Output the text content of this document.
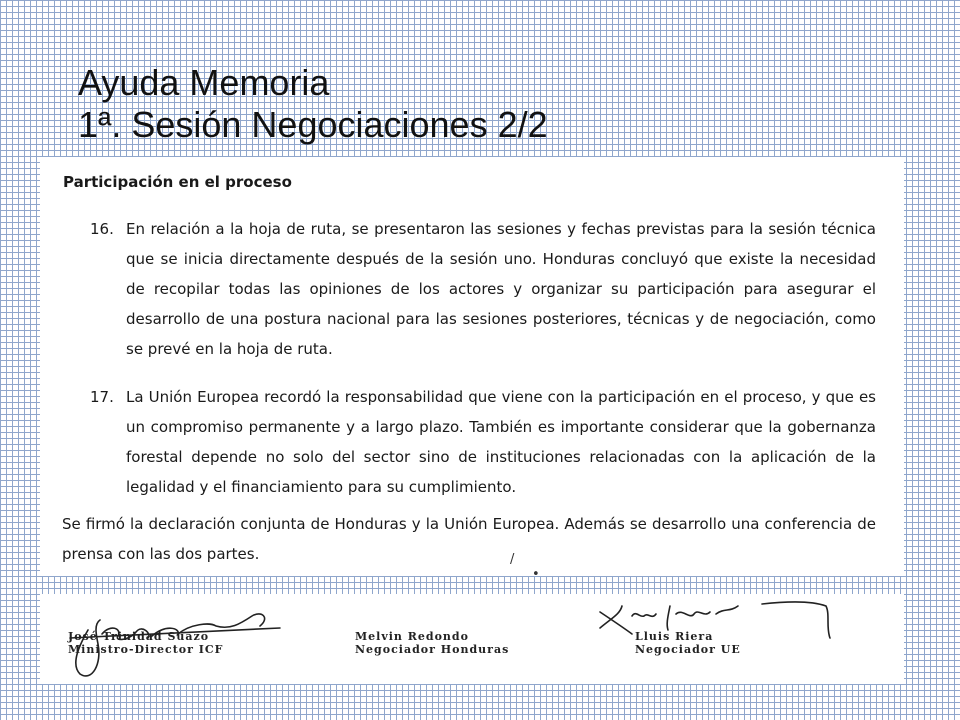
Ayuda Memoria
1ª. Sesión Negociaciones 2/2
Participación en el proceso
16. En relación a la hoja de ruta, se presentaron las sesiones y fechas previstas para la sesión técnica que se inicia directamente después de la sesión uno. Honduras concluyó que existe la necesidad de recopilar todas las opiniones de los actores y organizar su participación para asegurar el desarrollo de una postura nacional para las sesiones posteriores, técnicas y de negociación, como se prevé en la hoja de ruta.

17. La Unión Europea recordó la responsabilidad que viene con la participación en el proceso, y que es un compromiso permanente y a largo plazo. También es importante considerar que la gobernanza forestal depende no solo del sector sino de instituciones relacionadas con la aplicación de la legalidad y el financiamiento para su cumplimiento.

Se firmó la declaración conjunta de Honduras y la Unión Europea. Además se desarrollo una conferencia de prensa con las dos partes.	/
•
José Trinidad Suazo
Ministro-Director ICF
Melvin Redondo
Negociador Honduras
Lluis Riera
Negociador UE
